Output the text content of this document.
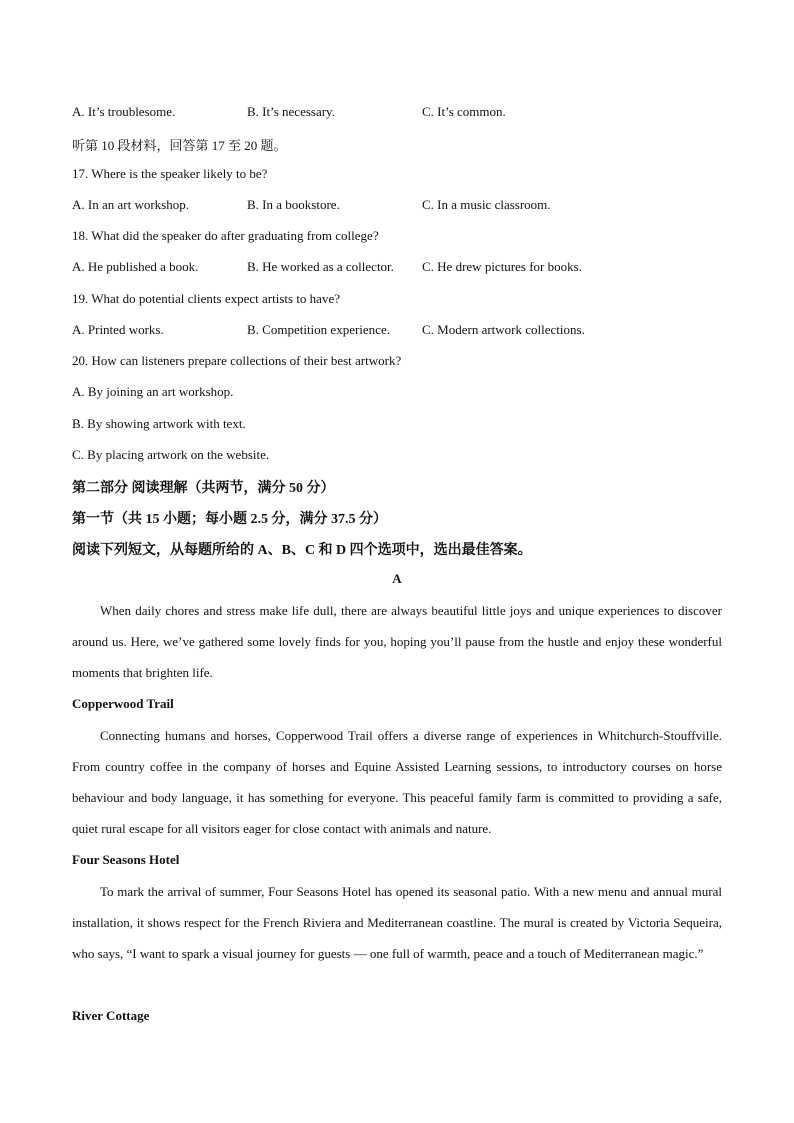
A. It’s troublesome.	B. It’s necessary.	C. It’s common.
听第 10 段材料，回答第 17 至 20 题。
17. Where is the speaker likely to be?
A. In an art workshop.	B. In a bookstore.	C. In a music classroom.
18. What did the speaker do after graduating from college?
A. He published a book.	B. He worked as a collector. C. He drew pictures for books.
19. What do potential clients expect artists to have?
A. Printed works.	B. Competition experience. C. Modern artwork collections.
20. How can listeners prepare collections of their best artwork?
A. By joining an art workshop.
B. By showing artwork with text.
C. By placing artwork on the website.
第二部分 阅读理解（共两节，满分 50 分）
第一节（共 15 小题；每小题 2.5 分，满分 37.5 分）
阅读下列短文，从每题所给的 A、B、C 和 D 四个选项中，选出最佳答案。
A

When daily chores and stress make life dull, there are always beautiful little joys and unique experiences to discover around us. Here, we’ve gathered some lovely finds for you, hoping you’ll pause from the hustle and enjoy these wonderful moments that brighten life.

Copperwood Trail

Connecting humans and horses, Copperwood Trail offers a diverse range of experiences in Whitchurch-Stouffville. From country coffee in the company of horses and Equine Assisted Learning sessions, to introductory courses on horse behaviour and body language, it has something for everyone. This peaceful family farm is committed to providing a safe, quiet rural escape for all visitors eager for close contact with animals and nature.

Four Seasons Hotel

To mark the arrival of summer, Four Seasons Hotel has opened its seasonal patio. With a new menu and annual mural installation, it shows respect for the French Riviera and Mediterranean coastline. The mural is created by Victoria Sequeira, who says, “I want to spark a visual journey for guests — one full of warmth, peace and a touch of Mediterranean magic.”

River Cottage
